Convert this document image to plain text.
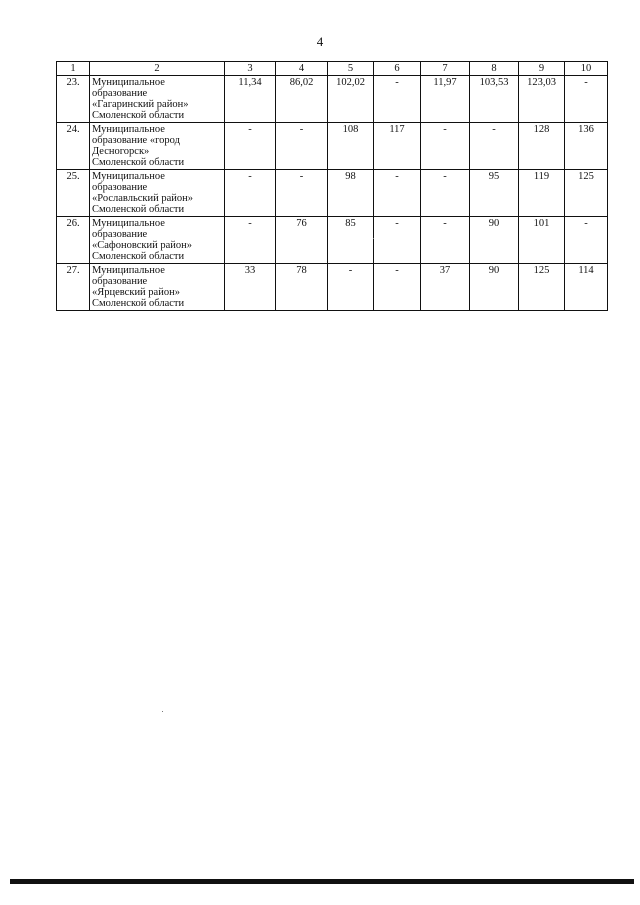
4
1	2	3	4	5	6	7	8	9	10
23.	Муниципальное
образование
«Гагаринский район»
Смоленской области	11,34	86,02	102,02	-	11,97	103,53	123,03	-
24.	Муниципальное
образование «город
Десногорск»
Смоленской области	-	-	108	117	-	-	128	136
25.	Муниципальное
образование
«Рославльский район»
Смоленской области	-	-	98	-	-	95	119	125
26.	Муниципальное
образование
«Сафоновский район»
Смоленской области	-	76	85	-	-	90	101	-
27.	Муниципальное
образование
«Ярцевский район»
Смоленской области	33	78	-	-	37	90	125	114
